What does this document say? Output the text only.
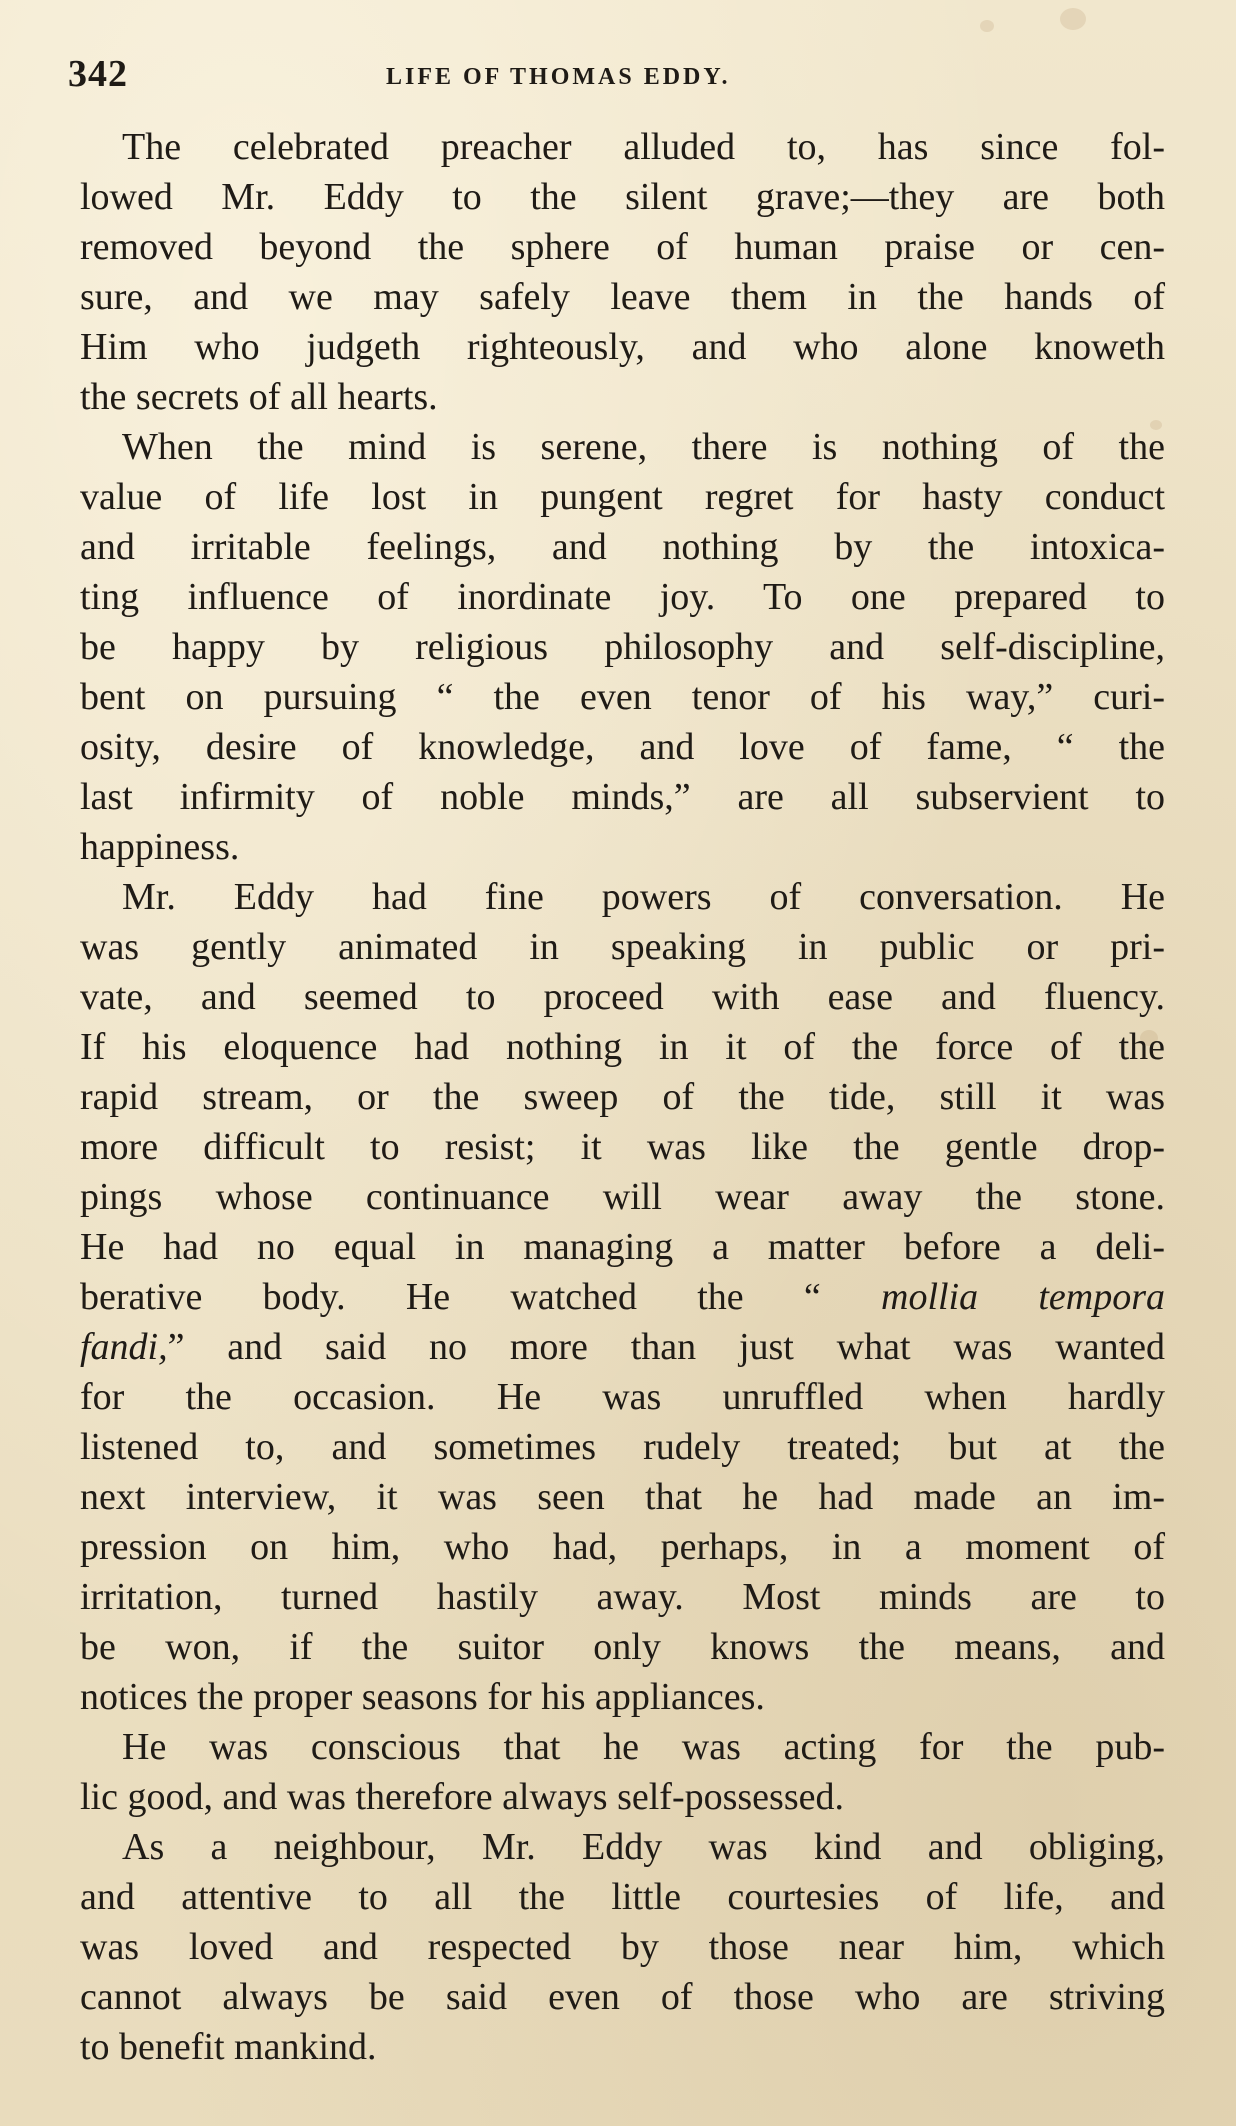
342	LIFE OF THOMAS EDDY.
The celebrated preacher alluded to, has since fol-
lowed Mr. Eddy to the silent grave;—they are both
removed beyond the sphere of human praise or cen-
sure, and we may safely leave them in the hands of
Him who judgeth righteously, and who alone knoweth
the secrets of all hearts.
When the mind is serene, there is nothing of the
value of life lost in pungent regret for hasty conduct
and irritable feelings, and nothing by the intoxica-
ting influence of inordinate joy. To one prepared to
be happy by religious philosophy and self-discipline,
bent on pursuing “ the even tenor of his way,” curi-
osity, desire of knowledge, and love of fame, “ the
last infirmity of noble minds,” are all subservient to
happiness.
Mr. Eddy had fine powers of conversation. He
was gently animated in speaking in public or pri-
vate, and seemed to proceed with ease and fluency.
If his eloquence had nothing in it of the force of the
rapid stream, or the sweep of the tide, still it was
more difficult to resist; it was like the gentle drop-
pings whose continuance will wear away the stone.
He had no equal in managing a matter before a deli-
berative body. He watched the “ mollia tempora
fandi,” and said no more than just what was wanted
for the occasion. He was unruffled when hardly
listened to, and sometimes rudely treated; but at the
next interview, it was seen that he had made an im-
pression on him, who had, perhaps, in a moment of
irritation, turned hastily away. Most minds are to
be won, if the suitor only knows the means, and
notices the proper seasons for his appliances.
He was conscious that he was acting for the pub-
lic good, and was therefore always self-possessed.
As a neighbour, Mr. Eddy was kind and obliging,
and attentive to all the little courtesies of life, and
was loved and respected by those near him, which
cannot always be said even of those who are striving
to benefit mankind.
